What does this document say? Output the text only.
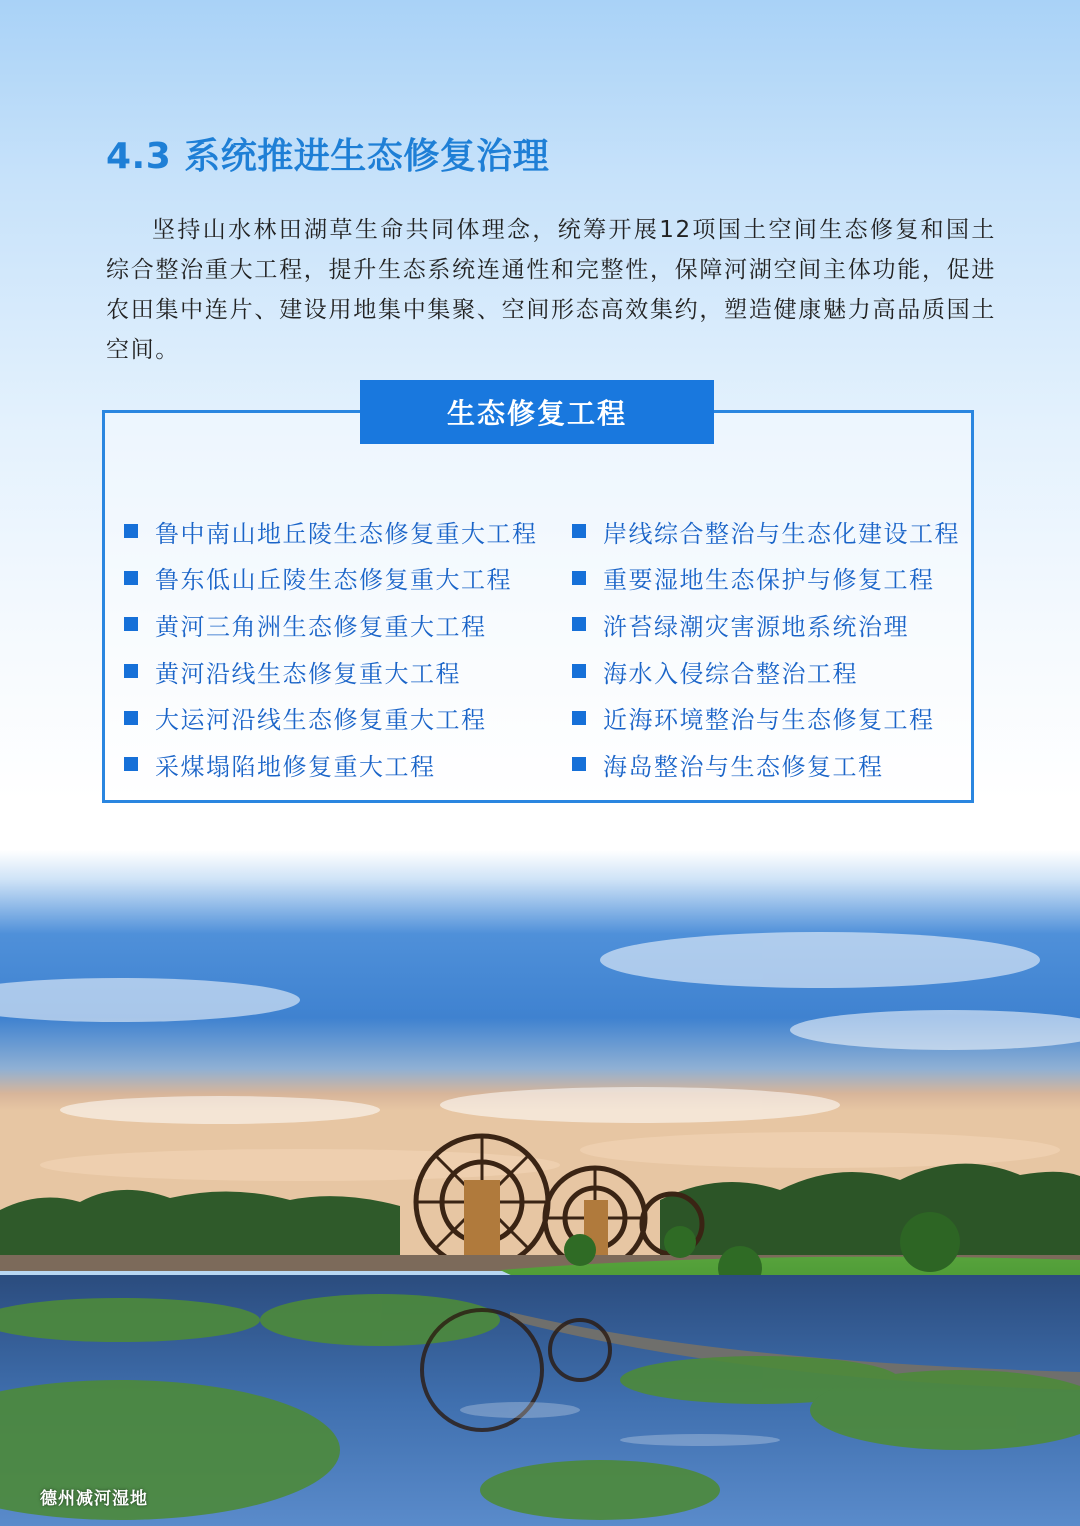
4.3 系统推进生态修复治理

坚持山水林田湖草生命共同体理念，统筹开展12项国土空间生态修复和国土综合整治重大工程，提升生态系统连通性和完整性，保障河湖空间主体功能，促进农田集中连片、建设用地集中集聚、空间形态高效集约，塑造健康魅力高品质国土空间。

生态修复工程
鲁中南山地丘陵生态修复重大工程
鲁东低山丘陵生态修复重大工程
黄河三角洲生态修复重大工程
黄河沿线生态修复重大工程
大运河沿线生态修复重大工程
采煤塌陷地修复重大工程
岸线综合整治与生态化建设工程
重要湿地生态保护与修复工程
浒苔绿潮灾害源地系统治理
海水入侵综合整治工程
近海环境整治与生态修复工程
海岛整治与生态修复工程
德州减河湿地
